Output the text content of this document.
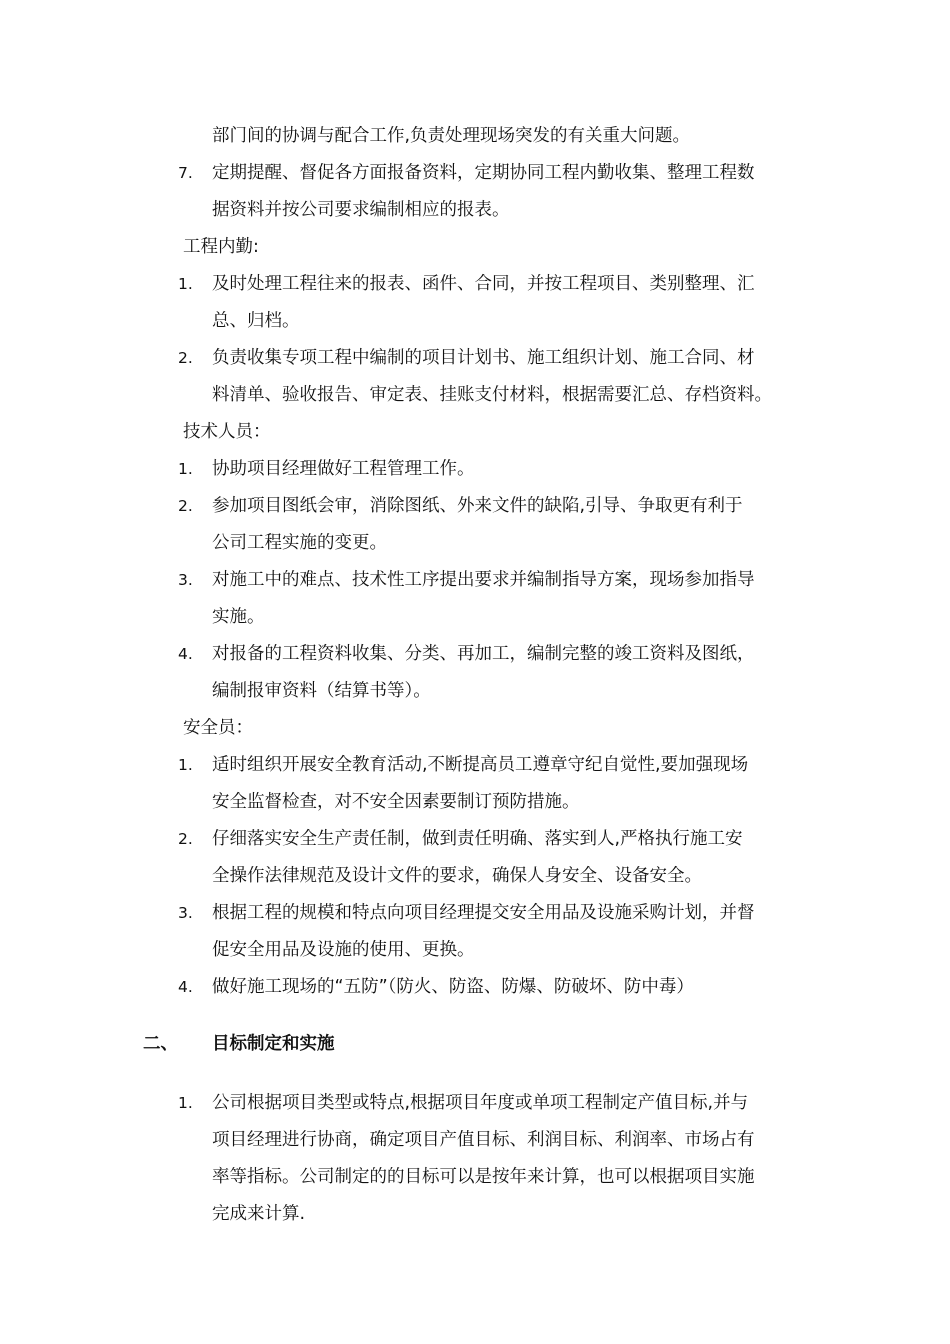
部门间的协调与配合工作,负责处理现场突发的有关重大问题。
7.	定期提醒、督促各方面报备资料，定期协同工程内勤收集、整理工程数
据资料并按公司要求编制相应的报表。
工程内勤:
1.	及时处理工程往来的报表、函件、合同，并按工程项目、类别整理、汇
总、归档。
2.	负责收集专项工程中编制的项目计划书、施工组织计划、施工合同、材
料清单、验收报告、审定表、挂账支付材料，根据需要汇总、存档资料。
技术人员：
1.	协助项目经理做好工程管理工作。
2.	参加项目图纸会审，消除图纸、外来文件的缺陷,引导、争取更有利于
公司工程实施的变更。
3.	对施工中的难点、技术性工序提出要求并编制指导方案，现场参加指导
实施。
4.	对报备的工程资料收集、分类、再加工，编制完整的竣工资料及图纸，
编制报审资料（结算书等）。
安全员：
1.	适时组织开展安全教育活动,不断提高员工遵章守纪自觉性,要加强现场
安全监督检查，对不安全因素要制订预防措施。
2.	仔细落实安全生产责任制，做到责任明确、落实到人,严格执行施工安
全操作法律规范及设计文件的要求，确保人身安全、设备安全。
3.	根据工程的规模和特点向项目经理提交安全用品及设施采购计划，并督
促安全用品及设施的使用、更换。
4.	做好施工现场的“五防”（防火、防盗、防爆、防破坏、防中毒）
二、 目标制定和实施
1.	公司根据项目类型或特点,根据项目年度或单项工程制定产值目标,并与
项目经理进行协商，确定项目产值目标、利润目标、利润率、市场占有
率等指标。公司制定的的目标可以是按年来计算，也可以根据项目实施
完成来计算.
